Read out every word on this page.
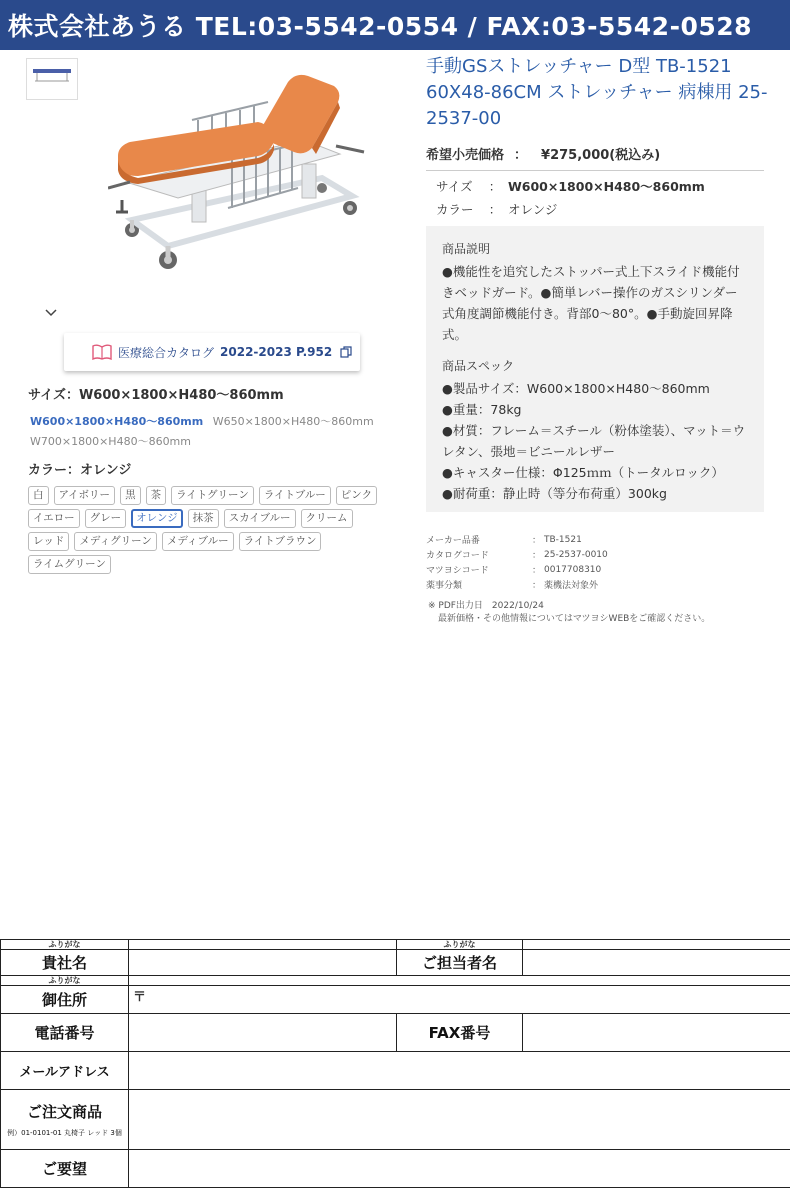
株式会社あうる TEL:03-5542-0554 / FAX:03-5542-0528
医療総合カタログ 2022-2023 P.952
サイズ：W600×1800×H480〜860mm
W600×1800×H480〜860mm W650×1800×H480〜860mm W700×1800×H480〜860mm
カラー：オレンジ
白	アイボリー	黒	茶	ライトグリーン	ライトブルー	ピンク
イエロー	グレー	オレンジ	抹茶	スカイブルー	クリーム
レッド	メディグリーン	メディブルー	ライトブラウン
ライムグリーン
手動GSストレッチャー D型 TB-1521 60X48-86CM ストレッチャー 病棟用 25-2537-00
希望小売価格 ： ¥275,000(税込み)
サイズ ： W600×1800×H480〜860mm
カラー ： オレンジ
商品説明

●機能性を追究したストッパー式上下スライド機能付きベッドガード。●簡単レバー操作のガスシリンダー式角度調節機能付き。背部0〜80°。●手動旋回昇降式。

商品スペック

●製品サイズ：W600×1800×H480〜860mm

●重量：78kg

●材質：フレーム＝スチール（粉体塗装）、マット＝ウレタン、張地＝ビニールレザー

●キャスター仕様：Φ125ｍｍ（トータルロック）

●耐荷重：静止時（等分布荷重）300kg

メーカー品番	： TB-1521
カタログコード	： 25-2537-0010
マツヨシコード	： 0017708310
薬事分類	： 薬機法対象外
※ PDF出力日　2022/10/24
最新価格・その他情報についてはマツヨシWEBをご確認ください。
ふりがな		ふりがな	
貴社名		ご担当者名	
ふりがな			
御住所	〒		
電話番号		FAX番号	
メールアドレス			
ご注文商品
例）01-0101-01 丸椅子 レッド 3個			

ご要望			
